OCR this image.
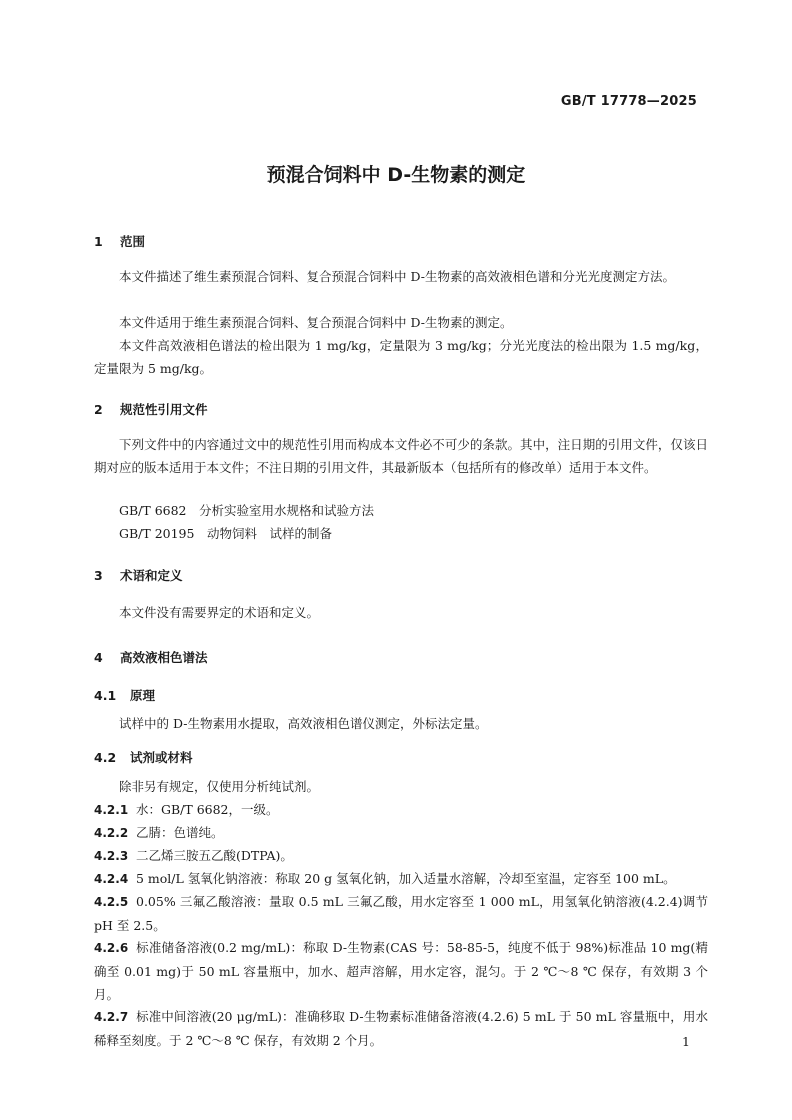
GB/T 17778—2025
预混合饲料中 D-生物素的测定
1 范围
本文件描述了维生素预混合饲料、复合预混合饲料中 D-生物素的高效液相色谱和分光光度测定方法。
本文件适用于维生素预混合饲料、复合预混合饲料中 D-生物素的测定。
本文件高效液相色谱法的检出限为 1 mg/kg，定量限为 3 mg/kg；分光光度法的检出限为 1.5 mg/kg，定量限为 5 mg/kg。
2 规范性引用文件
下列文件中的内容通过文中的规范性引用而构成本文件必不可少的条款。其中，注日期的引用文件，仅该日期对应的版本适用于本文件；不注日期的引用文件，其最新版本（包括所有的修改单）适用于本文件。
GB/T 6682　分析实验室用水规格和试验方法
GB/T 20195　动物饲料　试样的制备
3 术语和定义
本文件没有需要界定的术语和定义。
4 高效液相色谱法
4.1 原理
试样中的 D-生物素用水提取，高效液相色谱仪测定，外标法定量。
4.2 试剂或材料
除非另有规定，仅使用分析纯试剂。
4.2.1 水：GB/T 6682，一级。
4.2.2 乙腈：色谱纯。
4.2.3 二乙烯三胺五乙酸(DTPA)。
4.2.4 5 mol/L 氢氧化钠溶液：称取 20 g 氢氧化钠，加入适量水溶解，冷却至室温，定容至 100 mL。
4.2.5 0.05% 三氟乙酸溶液：量取 0.5 mL 三氟乙酸，用水定容至 1 000 mL，用氢氧化钠溶液(4.2.4)调节 pH 至 2.5。
4.2.6 标准储备溶液(0.2 mg/mL)：称取 D-生物素(CAS 号：58-85-5，纯度不低于 98%)标准品 10 mg(精确至 0.01 mg)于 50 mL 容量瓶中，加水、超声溶解，用水定容，混匀。于 2 ℃～8 ℃ 保存，有效期 3 个月。
4.2.7 标准中间溶液(20 μg/mL)：准确移取 D-生物素标准储备溶液(4.2.6) 5 mL 于 50 mL 容量瓶中，用水稀释至刻度。于 2 ℃～8 ℃ 保存，有效期 2 个月。	1
